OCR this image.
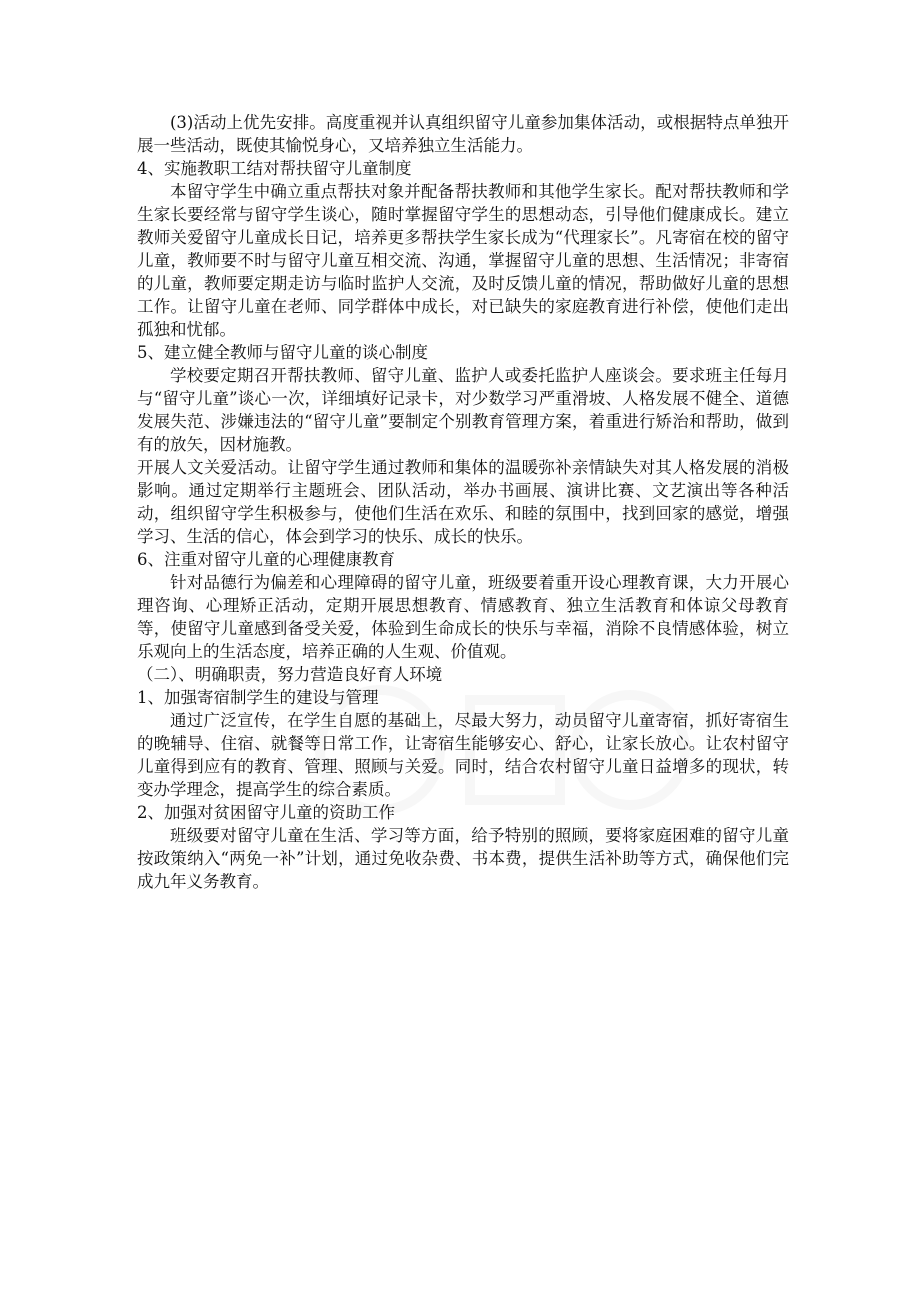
(3)活动上优先安排。高度重视并认真组织留守儿童参加集体活动，或根据特点单独开展一些活动，既使其愉悦身心，又培养独立生活能力。

4、实施教职工结对帮扶留守儿童制度

本留守学生中确立重点帮扶对象并配备帮扶教师和其他学生家长。配对帮扶教师和学生家长要经常与留守学生谈心，随时掌握留守学生的思想动态，引导他们健康成长。建立教师关爱留守儿童成长日记，培养更多帮扶学生家长成为“代理家长”。凡寄宿在校的留守儿童，教师要不时与留守儿童互相交流、沟通，掌握留守儿童的思想、生活情况；非寄宿的儿童，教师要定期走访与临时监护人交流，及时反馈儿童的情况，帮助做好儿童的思想工作。让留守儿童在老师、同学群体中成长，对已缺失的家庭教育进行补偿，使他们走出孤独和忧郁。

5、建立健全教师与留守儿童的谈心制度

学校要定期召开帮扶教师、留守儿童、监护人或委托监护人座谈会。要求班主任每月与“留守儿童”谈心一次，详细填好记录卡，对少数学习严重滑坡、人格发展不健全、道德发展失范、涉嫌违法的“留守儿童”要制定个别教育管理方案，着重进行矫治和帮助，做到有的放矢，因材施教。

开展人文关爱活动。让留守学生通过教师和集体的温暖弥补亲情缺失对其人格发展的消极影响。通过定期举行主题班会、团队活动，举办书画展、演讲比赛、文艺演出等各种活动，组织留守学生积极参与，使他们生活在欢乐、和睦的氛围中，找到回家的感觉，增强学习、生活的信心，体会到学习的快乐、成长的快乐。

6、注重对留守儿童的心理健康教育

针对品德行为偏差和心理障碍的留守儿童，班级要着重开设心理教育课，大力开展心理咨询、心理矫正活动，定期开展思想教育、情感教育、独立生活教育和体谅父母教育等，使留守儿童感到备受关爱，体验到生命成长的快乐与幸福，消除不良情感体验，树立乐观向上的生活态度，培养正确的人生观、价值观。

（二）、明确职责，努力营造良好育人环境

1、加强寄宿制学生的建设与管理

通过广泛宣传，在学生自愿的基础上，尽最大努力，动员留守儿童寄宿，抓好寄宿生的晚辅导、住宿、就餐等日常工作，让寄宿生能够安心、舒心，让家长放心。让农村留守儿童得到应有的教育、管理、照顾与关爱。同时，结合农村留守儿童日益增多的现状，转变办学理念，提高学生的综合素质。

2、加强对贫困留守儿童的资助工作

班级要对留守儿童在生活、学习等方面，给予特别的照顾，要将家庭困难的留守儿童按政策纳入“两免一补”计划，通过免收杂费、书本费，提供生活补助等方式，确保他们完成九年义务教育。
